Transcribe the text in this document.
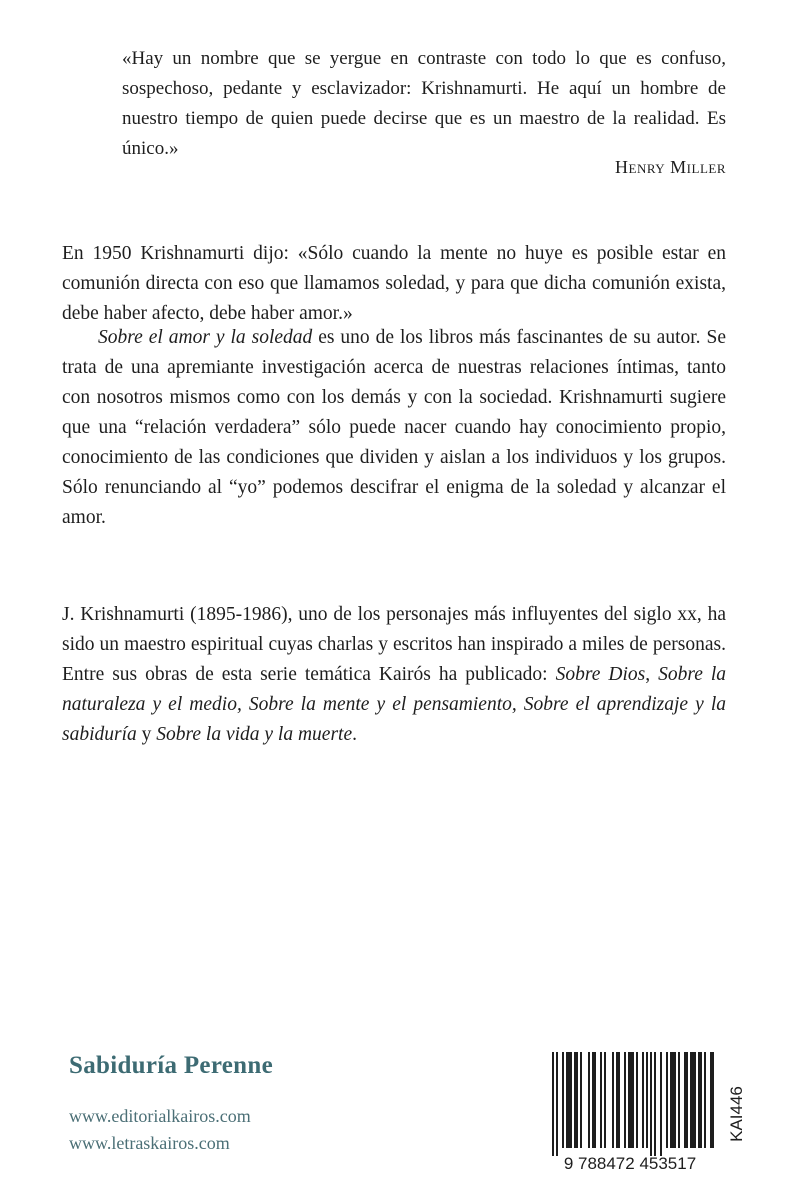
«Hay un nombre que se yergue en contraste con todo lo que es confuso, sospechoso, pedante y esclavizador: Krishnamurti. He aquí un hombre de nuestro tiempo de quien puede decirse que es un maestro de la realidad. Es único.»
Henry Miller
En 1950 Krishnamurti dijo: «Sólo cuando la mente no huye es posible estar en comunión directa con eso que llamamos soledad, y para que dicha comunión exista, debe haber afecto, debe haber amor.»
Sobre el amor y la soledad es uno de los libros más fascinantes de su autor. Se trata de una apremiante investigación acerca de nuestras relaciones íntimas, tanto con nosotros mismos como con los demás y con la sociedad. Krishnamurti sugiere que una “relación verdadera” sólo puede nacer cuando hay conocimiento propio, conocimiento de las condiciones que dividen y aislan a los individuos y los grupos. Sólo renunciando al “yo” podemos descifrar el enigma de la soledad y alcanzar el amor.
J. Krishnamurti (1895-1986), uno de los personajes más influyentes del siglo xx, ha sido un maestro espiritual cuyas charlas y escritos han inspirado a miles de personas. Entre sus obras de esta serie temática Kairós ha publicado: Sobre Dios, Sobre la naturaleza y el medio, Sobre la mente y el pensamiento, Sobre el aprendizaje y la sabiduría y Sobre la vida y la muerte.
Sabiduría Perenne
www.editorialkairos.com
www.letraskairos.com
9 788472 453517
KAI446
